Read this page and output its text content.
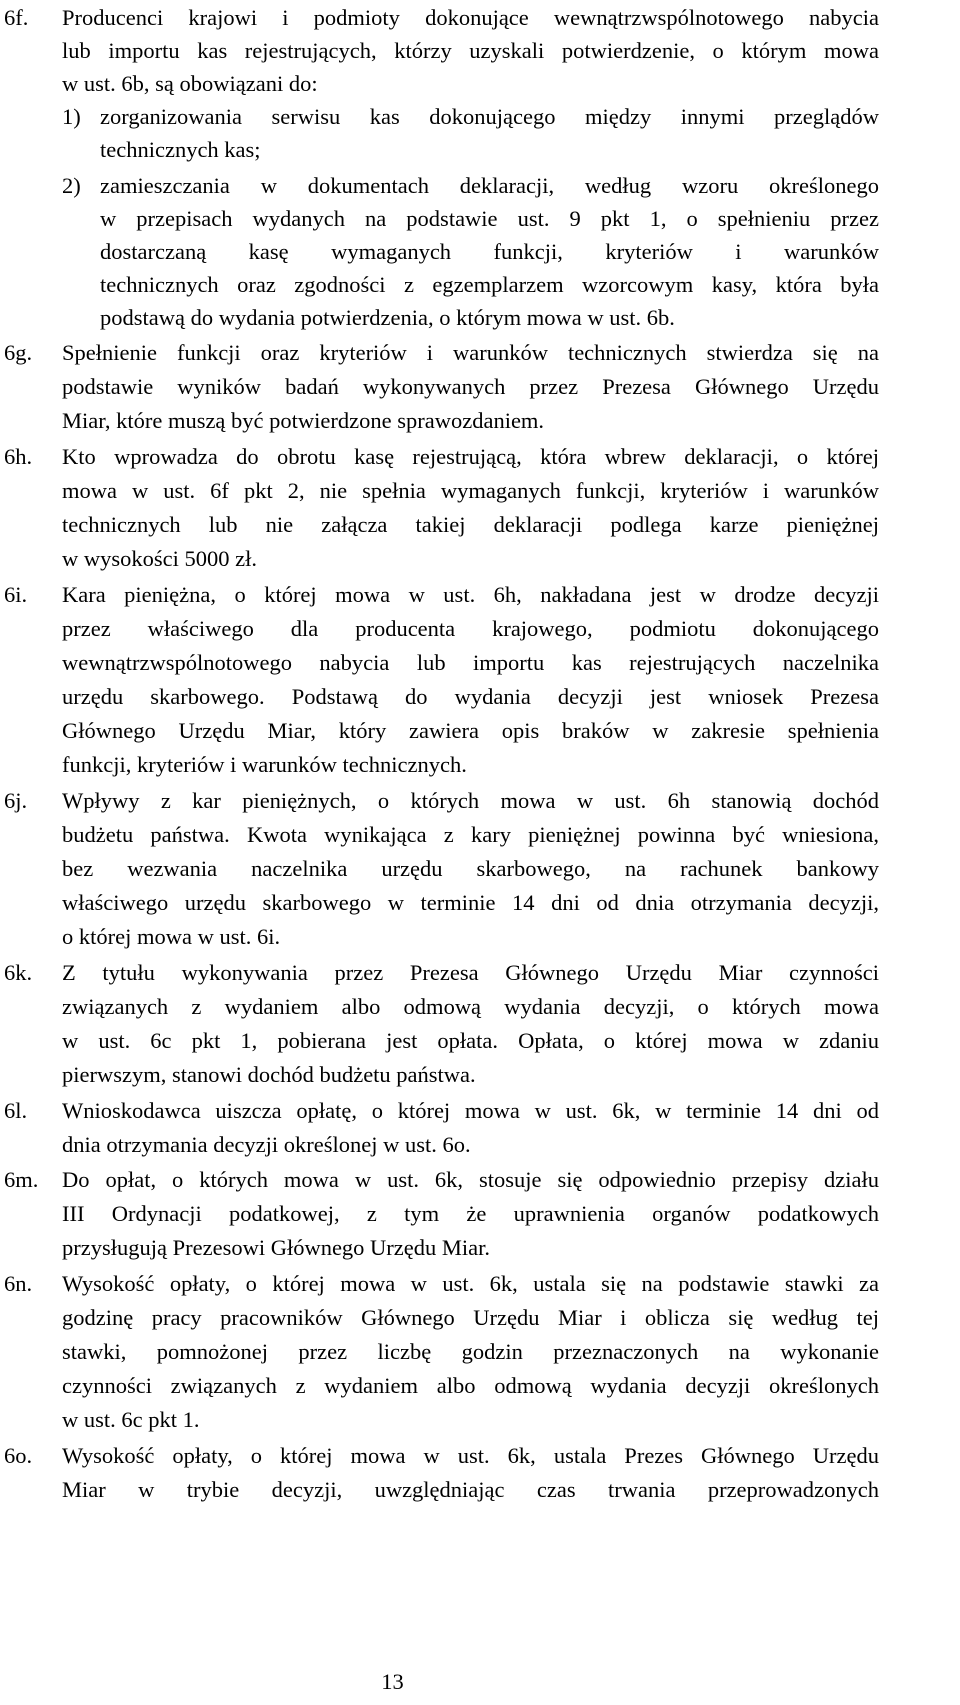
6f. Producenci krajowi i podmioty dokonujące wewnątrzwspólnotowego nabycia
lub importu kas rejestrujących, którzy uzyskali potwierdzenie, o którym mowa
w ust. 6b, są obowiązani do:
1) zorganizowania serwisu kas dokonującego między innymi przeglądów
technicznych kas;
2) zamieszczania w dokumentach deklaracji, według wzoru określonego
w przepisach wydanych na podstawie ust. 9 pkt 1, o spełnieniu przez
dostarczaną kasę wymaganych funkcji, kryteriów i warunków
technicznych oraz zgodności z egzemplarzem wzorcowym kasy, która była
podstawą do wydania potwierdzenia, o którym mowa w ust. 6b.
6g. Spełnienie funkcji oraz kryteriów i warunków technicznych stwierdza się na
podstawie wyników badań wykonywanych przez Prezesa Głównego Urzędu
Miar, które muszą być potwierdzone sprawozdaniem.
6h. Kto wprowadza do obrotu kasę rejestrującą, która wbrew deklaracji, o której
mowa w ust. 6f pkt 2, nie spełnia wymaganych funkcji, kryteriów i warunków
technicznych lub nie załącza takiej deklaracji podlega karze pieniężnej
w wysokości 5000 zł.
6i. Kara pieniężna, o której mowa w ust. 6h, nakładana jest w drodze decyzji
przez właściwego dla producenta krajowego, podmiotu dokonującego
wewnątrzwspólnotowego nabycia lub importu kas rejestrujących naczelnika
urzędu skarbowego. Podstawą do wydania decyzji jest wniosek Prezesa
Głównego Urzędu Miar, który zawiera opis braków w zakresie spełnienia
funkcji, kryteriów i warunków technicznych.
6j. Wpływy z kar pieniężnych, o których mowa w ust. 6h stanowią dochód
budżetu państwa. Kwota wynikająca z kary pieniężnej powinna być wniesiona,
bez wezwania naczelnika urzędu skarbowego, na rachunek bankowy
właściwego urzędu skarbowego w terminie 14 dni od dnia otrzymania decyzji,
o której mowa w ust. 6i.
6k. Z tytułu wykonywania przez Prezesa Głównego Urzędu Miar czynności
związanych z wydaniem albo odmową wydania decyzji, o których mowa
w ust. 6c pkt 1, pobierana jest opłata. Opłata, o której mowa w zdaniu
pierwszym, stanowi dochód budżetu państwa.
6l. Wnioskodawca uiszcza opłatę, o której mowa w ust. 6k, w terminie 14 dni od
dnia otrzymania decyzji określonej w ust. 6o.
6m. Do opłat, o których mowa w ust. 6k, stosuje się odpowiednio przepisy działu
III Ordynacji podatkowej, z tym że uprawnienia organów podatkowych
przysługują Prezesowi Głównego Urzędu Miar.
6n. Wysokość opłaty, o której mowa w ust. 6k, ustala się na podstawie stawki za
godzinę pracy pracowników Głównego Urzędu Miar i oblicza się według tej
stawki, pomnożonej przez liczbę godzin przeznaczonych na wykonanie
czynności związanych z wydaniem albo odmową wydania decyzji określonych
w ust. 6c pkt 1.
6o. Wysokość opłaty, o której mowa w ust. 6k, ustala Prezes Głównego Urzędu
Miar w trybie decyzji, uwzględniając czas trwania przeprowadzonych
13
